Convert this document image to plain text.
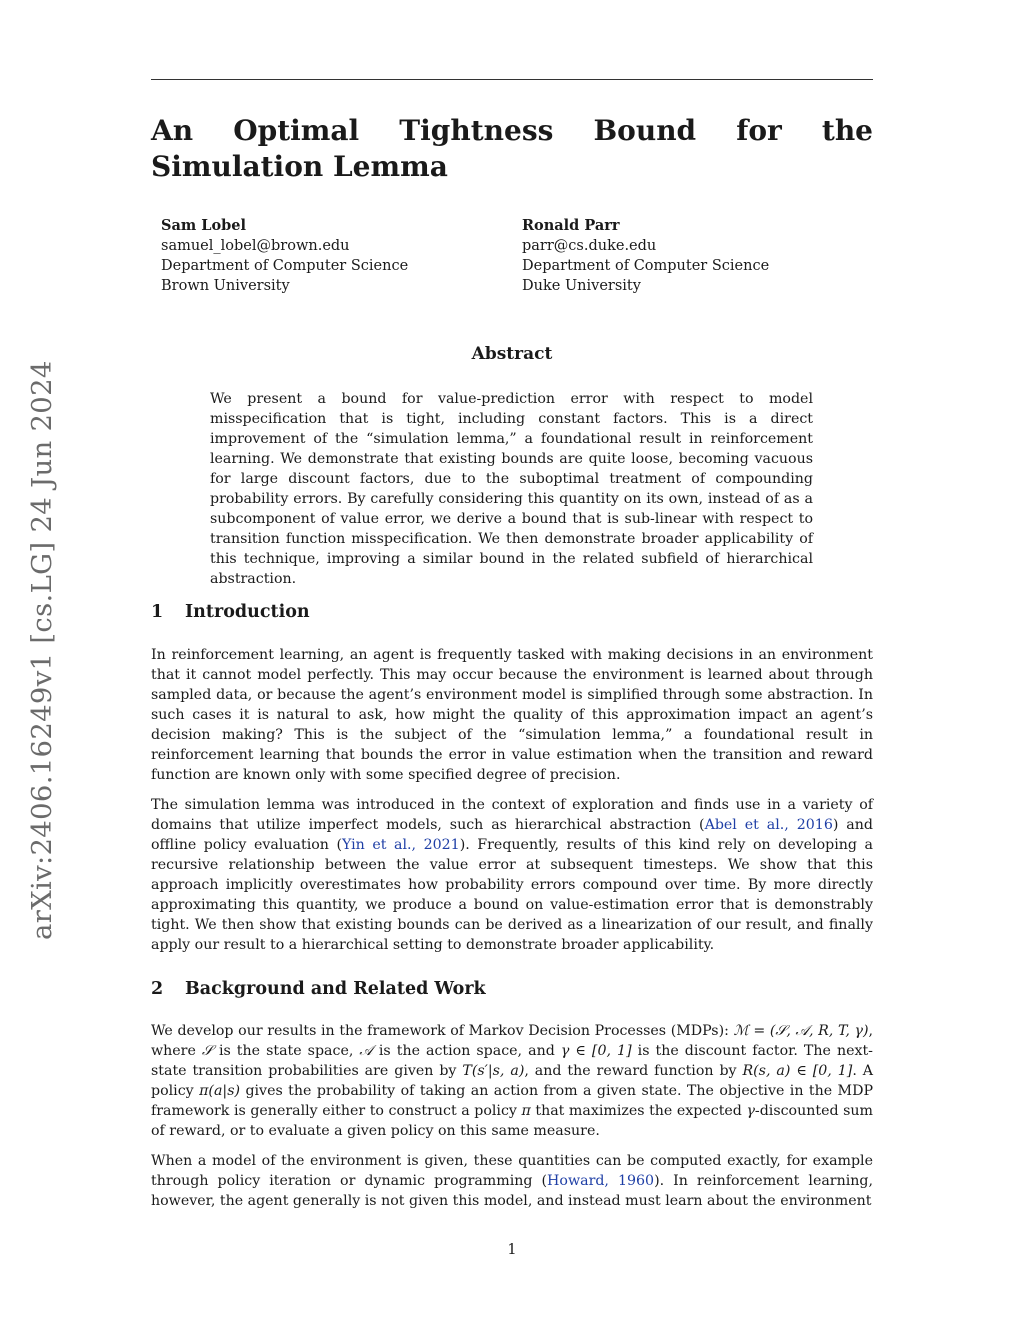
arXiv:2406.16249v1 [cs.LG] 24 Jun 2024
An Optimal Tightness Bound for the Simulation Lemma
Sam Lobel
samuel_lobel@brown.edu
Department of Computer Science
Brown University
Ronald Parr
parr@cs.duke.edu
Department of Computer Science
Duke University
Abstract
We present a bound for value-prediction error with respect to model misspecification that is tight, including constant factors. This is a direct improvement of the “simulation lemma,” a foundational result in reinforcement learning. We demonstrate that existing bounds are quite loose, becoming vacuous for large discount factors, due to the suboptimal treatment of compounding probability errors. By carefully considering this quantity on its own, instead of as a subcomponent of value error, we derive a bound that is sub-linear with respect to transition function misspecification. We then demonstrate broader applicability of this technique, improving a similar bound in the related subfield of hierarchical abstraction.
1 Introduction

In reinforcement learning, an agent is frequently tasked with making decisions in an environment that it cannot model perfectly. This may occur because the environment is learned about through sampled data, or because the agent’s environment model is simplified through some abstraction. In such cases it is natural to ask, how might the quality of this approximation impact an agent’s decision making? This is the subject of the “simulation lemma,” a foundational result in reinforcement learning that bounds the error in value estimation when the transition and reward function are known only with some specified degree of precision.

The simulation lemma was introduced in the context of exploration and finds use in a variety of domains that utilize imperfect models, such as hierarchical abstraction (Abel et al., 2016) and offline policy evaluation (Yin et al., 2021). Frequently, results of this kind rely on developing a recursive relationship between the value error at subsequent timesteps. We show that this approach implicitly overestimates how probability errors compound over time. By more directly approximating this quantity, we produce a bound on value-estimation error that is demonstrably tight. We then show that existing bounds can be derived as a linearization of our result, and finally apply our result to a hierarchical setting to demonstrate broader applicability.

2 Background and Related Work

We develop our results in the framework of Markov Decision Processes (MDPs): ℳ = (𝒮, 𝒜, R, T, γ), where 𝒮 is the state space, 𝒜 is the action space, and γ ∈ [0, 1] is the discount factor. The next-state transition probabilities are given by T(s′|s, a), and the reward function by R(s, a) ∈ [0, 1]. A policy π(a|s) gives the probability of taking an action from a given state. The objective in the MDP framework is generally either to construct a policy π that maximizes the expected γ-discounted sum of reward, or to evaluate a given policy on this same measure.

When a model of the environment is given, these quantities can be computed exactly, for example through policy iteration or dynamic programming (Howard, 1960). In reinforcement learning, however, the agent generally is not given this model, and instead must learn about the environment

1
